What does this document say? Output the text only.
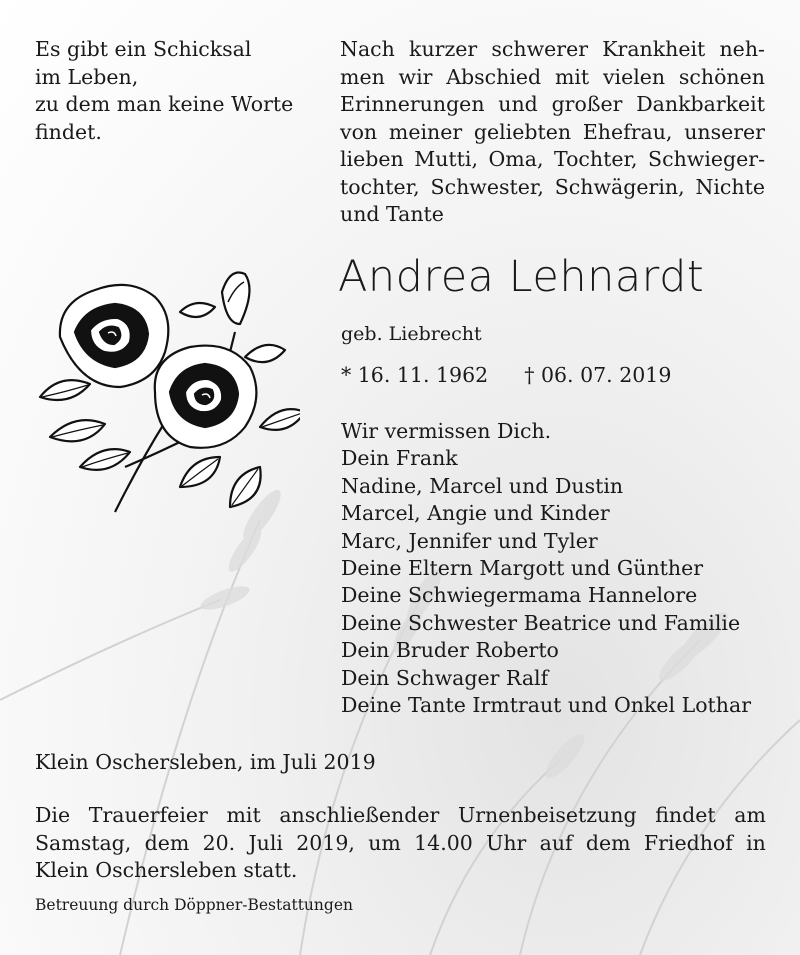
Es gibt ein Schicksal
im Leben,
zu dem man keine Worte
findet.
Nach kurzer schwerer Krankheit neh-
men wir Abschied mit vielen schönen
Erinnerungen und großer Dankbarkeit
von meiner geliebten Ehefrau, unserer
lieben Mutti, Oma, Tochter, Schwieger-
tochter, Schwester, Schwägerin, Nichte
und Tante
Andrea Lehnardt
geb. Liebrecht
* 16. 11. 1962 † 06. 07. 2019
Wir vermissen Dich.
Dein Frank
Nadine, Marcel und Dustin
Marcel, Angie und Kinder
Marc, Jennifer und Tyler
Deine Eltern Margott und Günther
Deine Schwiegermama Hannelore
Deine Schwester Beatrice und Familie
Dein Bruder Roberto
Dein Schwager Ralf
Deine Tante Irmtraut und Onkel Lothar
Klein Oschersleben, im Juli 2019
Die Trauerfeier mit anschließender Urnenbeisetzung findet am
Samstag, dem 20. Juli 2019, um 14.00 Uhr auf dem Friedhof in
Klein Oschersleben statt.
Betreuung durch Döppner-Bestattungen
